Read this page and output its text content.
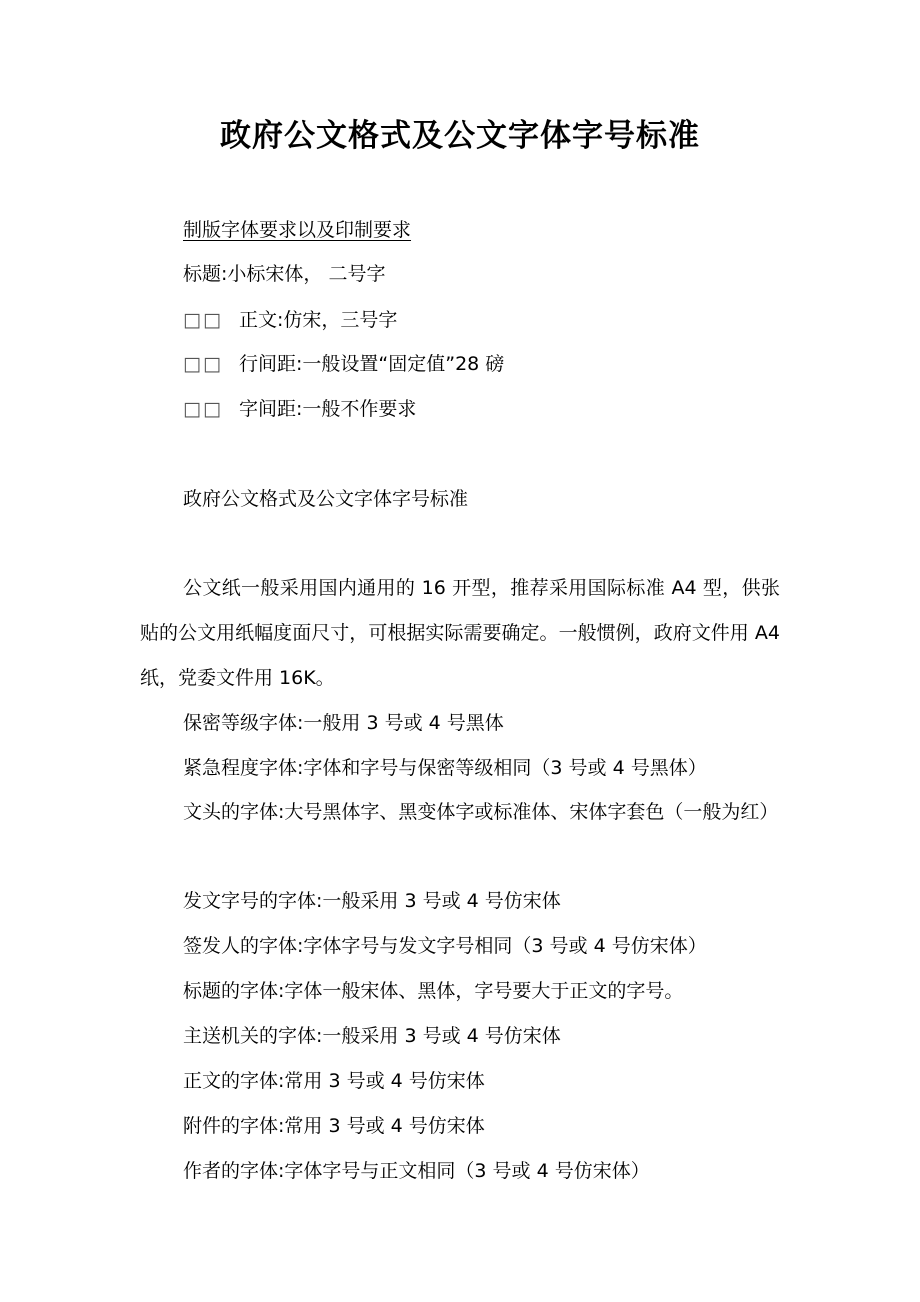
政府公文格式及公文字体字号标准
制版字体要求以及印制要求
标题:小标宋体， 二号字
□□ 正文:仿宋，三号字
□□ 行间距:一般设置“固定值”28 磅
□□ 字间距:一般不作要求
政府公文格式及公文字体字号标准
公文纸一般采用国内通用的 16 开型，推荐采用国际标准 A4 型，供张贴的公文用纸幅度面尺寸，可根据实际需要确定。一般惯例，政府文件用 A4 纸，党委文件用 16K。
保密等级字体:一般用 3 号或 4 号黑体
紧急程度字体:字体和字号与保密等级相同（3 号或 4 号黑体）
文头的字体:大号黑体字、黑变体字或标准体、宋体字套色（一般为红）
发文字号的字体:一般采用 3 号或 4 号仿宋体
签发人的字体:字体字号与发文字号相同（3 号或 4 号仿宋体）
标题的字体:字体一般宋体、黑体，字号要大于正文的字号。
主送机关的字体:一般采用 3 号或 4 号仿宋体
正文的字体:常用 3 号或 4 号仿宋体
附件的字体:常用 3 号或 4 号仿宋体
作者的字体:字体字号与正文相同（3 号或 4 号仿宋体）
